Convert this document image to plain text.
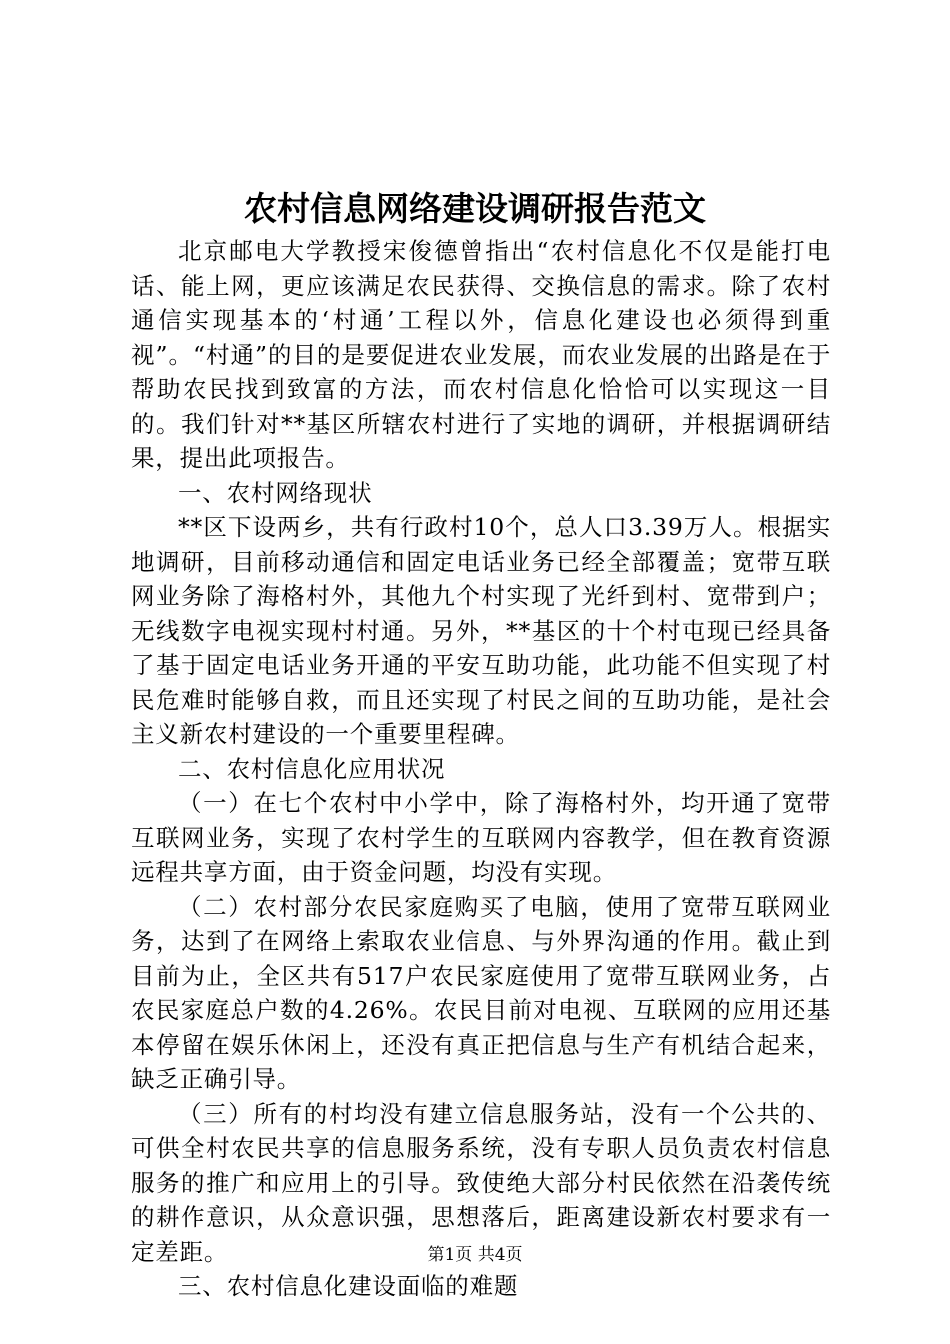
农村信息网络建设调研报告范文

北京邮电大学教授宋俊德曾指出“农村信息化不仅是能打电话、能上网，更应该满足农民获得、交换信息的需求。除了农村通信实现基本的‘村通’工程以外，信息化建设也必须得到重视”。“村通”的目的是要促进农业发展，而农业发展的出路是在于帮助农民找到致富的方法，而农村信息化恰恰可以实现这一目的。我们针对**基区所辖农村进行了实地的调研，并根据调研结果，提出此项报告。

一、农村网络现状

**区下设两乡，共有行政村10个，总人口3.39万人。根据实地调研，目前移动通信和固定电话业务已经全部覆盖；宽带互联网业务除了海格村外，其他九个村实现了光纤到村、宽带到户；无线数字电视实现村村通。另外，**基区的十个村屯现已经具备了基于固定电话业务开通的平安互助功能，此功能不但实现了村民危难时能够自救，而且还实现了村民之间的互助功能，是社会主义新农村建设的一个重要里程碑。

二、农村信息化应用状况

（一）在七个农村中小学中，除了海格村外，均开通了宽带互联网业务，实现了农村学生的互联网内容教学，但在教育资源远程共享方面，由于资金问题，均没有实现。

（二）农村部分农民家庭购买了电脑，使用了宽带互联网业务，达到了在网络上索取农业信息、与外界沟通的作用。截止到目前为止，全区共有517户农民家庭使用了宽带互联网业务，占农民家庭总户数的4.26%。农民目前对电视、互联网的应用还基本停留在娱乐休闲上，还没有真正把信息与生产有机结合起来，缺乏正确引导。

（三）所有的村均没有建立信息服务站，没有一个公共的、可供全村农民共享的信息服务系统，没有专职人员负责农村信息服务的推广和应用上的引导。致使绝大部分村民依然在沿袭传统的耕作意识，从众意识强，思想落后，距离建设新农村要求有一定差距。

三、农村信息化建设面临的难题

第1页 共4页
